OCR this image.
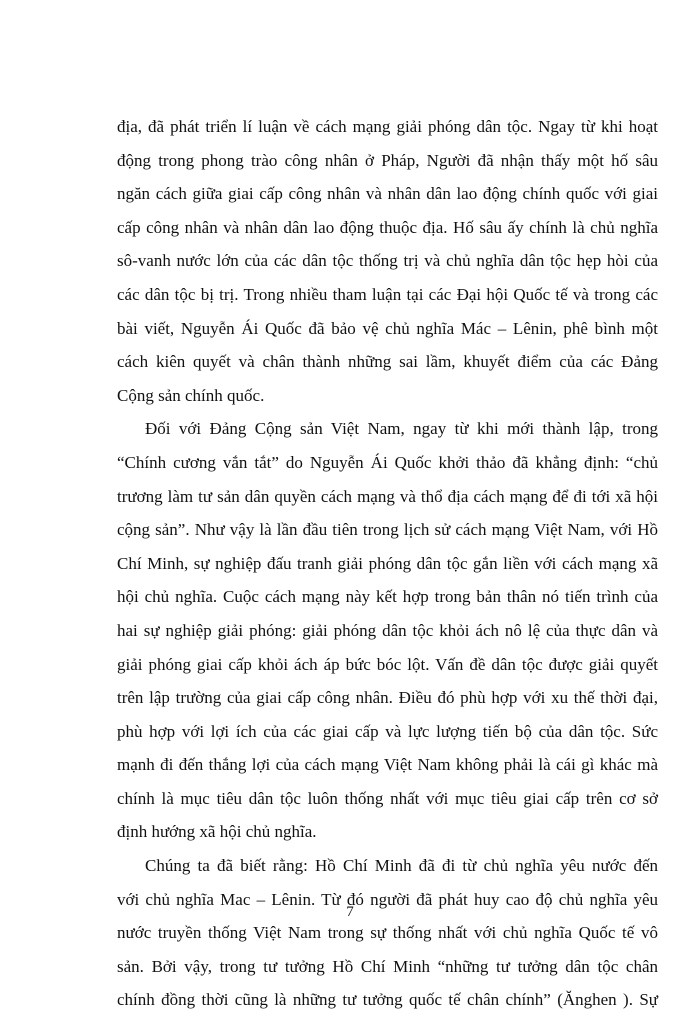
địa, đã phát triển lí luận về cách mạng giải phóng dân tộc. Ngay từ khi hoạt
động trong phong trào công nhân ở Pháp, Người đã nhận thấy một hố sâu
ngăn cách giữa giai cấp công nhân và nhân dân lao động chính quốc với giai
cấp công nhân và nhân dân lao động thuộc địa. Hố sâu ấy chính là chủ nghĩa
sô-vanh nước lớn của các dân tộc thống trị và chủ nghĩa dân tộc hẹp hòi của
các dân tộc bị trị. Trong nhiều tham luận tại các Đại hội Quốc tế và trong các
bài viết, Nguyễn Ái Quốc đã bảo vệ chủ nghĩa Mác – Lênin, phê bình một
cách kiên quyết và chân thành những sai lầm, khuyết điểm của các Đảng
Cộng sản chính quốc.
Đối với Đảng Cộng sản Việt Nam, ngay từ khi mới thành lập, trong
“Chính cương vắn tắt” do Nguyễn Ái Quốc khởi thảo đã khẳng định: “chủ
trương làm tư sản dân quyền cách mạng và thổ địa cách mạng để đi tới xã hội
cộng sản”. Như vậy là lần đầu tiên trong lịch sử cách mạng Việt Nam, với Hồ
Chí Minh, sự nghiệp đấu tranh giải phóng dân tộc gắn liền với cách mạng xã
hội chủ nghĩa. Cuộc cách mạng này kết hợp trong bản thân nó tiến trình của
hai sự nghiệp giải phóng: giải phóng dân tộc khỏi ách nô lệ của thực dân và
giải phóng giai cấp khỏi ách áp bức bóc lột. Vấn đề dân tộc được giải quyết
trên lập trường của giai cấp công nhân. Điều đó phù hợp với xu thế thời đại,
phù hợp với lợi ích của các giai cấp và lực lượng tiến bộ của dân tộc. Sức
mạnh đi đến thắng lợi của cách mạng Việt Nam không phải là cái gì khác mà
chính là mục tiêu dân tộc luôn thống nhất với mục tiêu giai cấp trên cơ sở
định hướng xã hội chủ nghĩa.
Chúng ta đã biết rằng: Hồ Chí Minh đã đi từ chủ nghĩa yêu nước đến
với chủ nghĩa Mac – Lênin. Từ đó người đã phát huy cao độ chủ nghĩa yêu
nước truyền thống Việt Nam trong sự thống nhất với chủ nghĩa Quốc tế vô
sản. Bởi vậy, trong tư tưởng Hồ Chí Minh “những tư tưởng dân tộc chân
chính đồng thời cũng là những tư tưởng quốc tế chân chính” (Ănghen ). Sự
7
